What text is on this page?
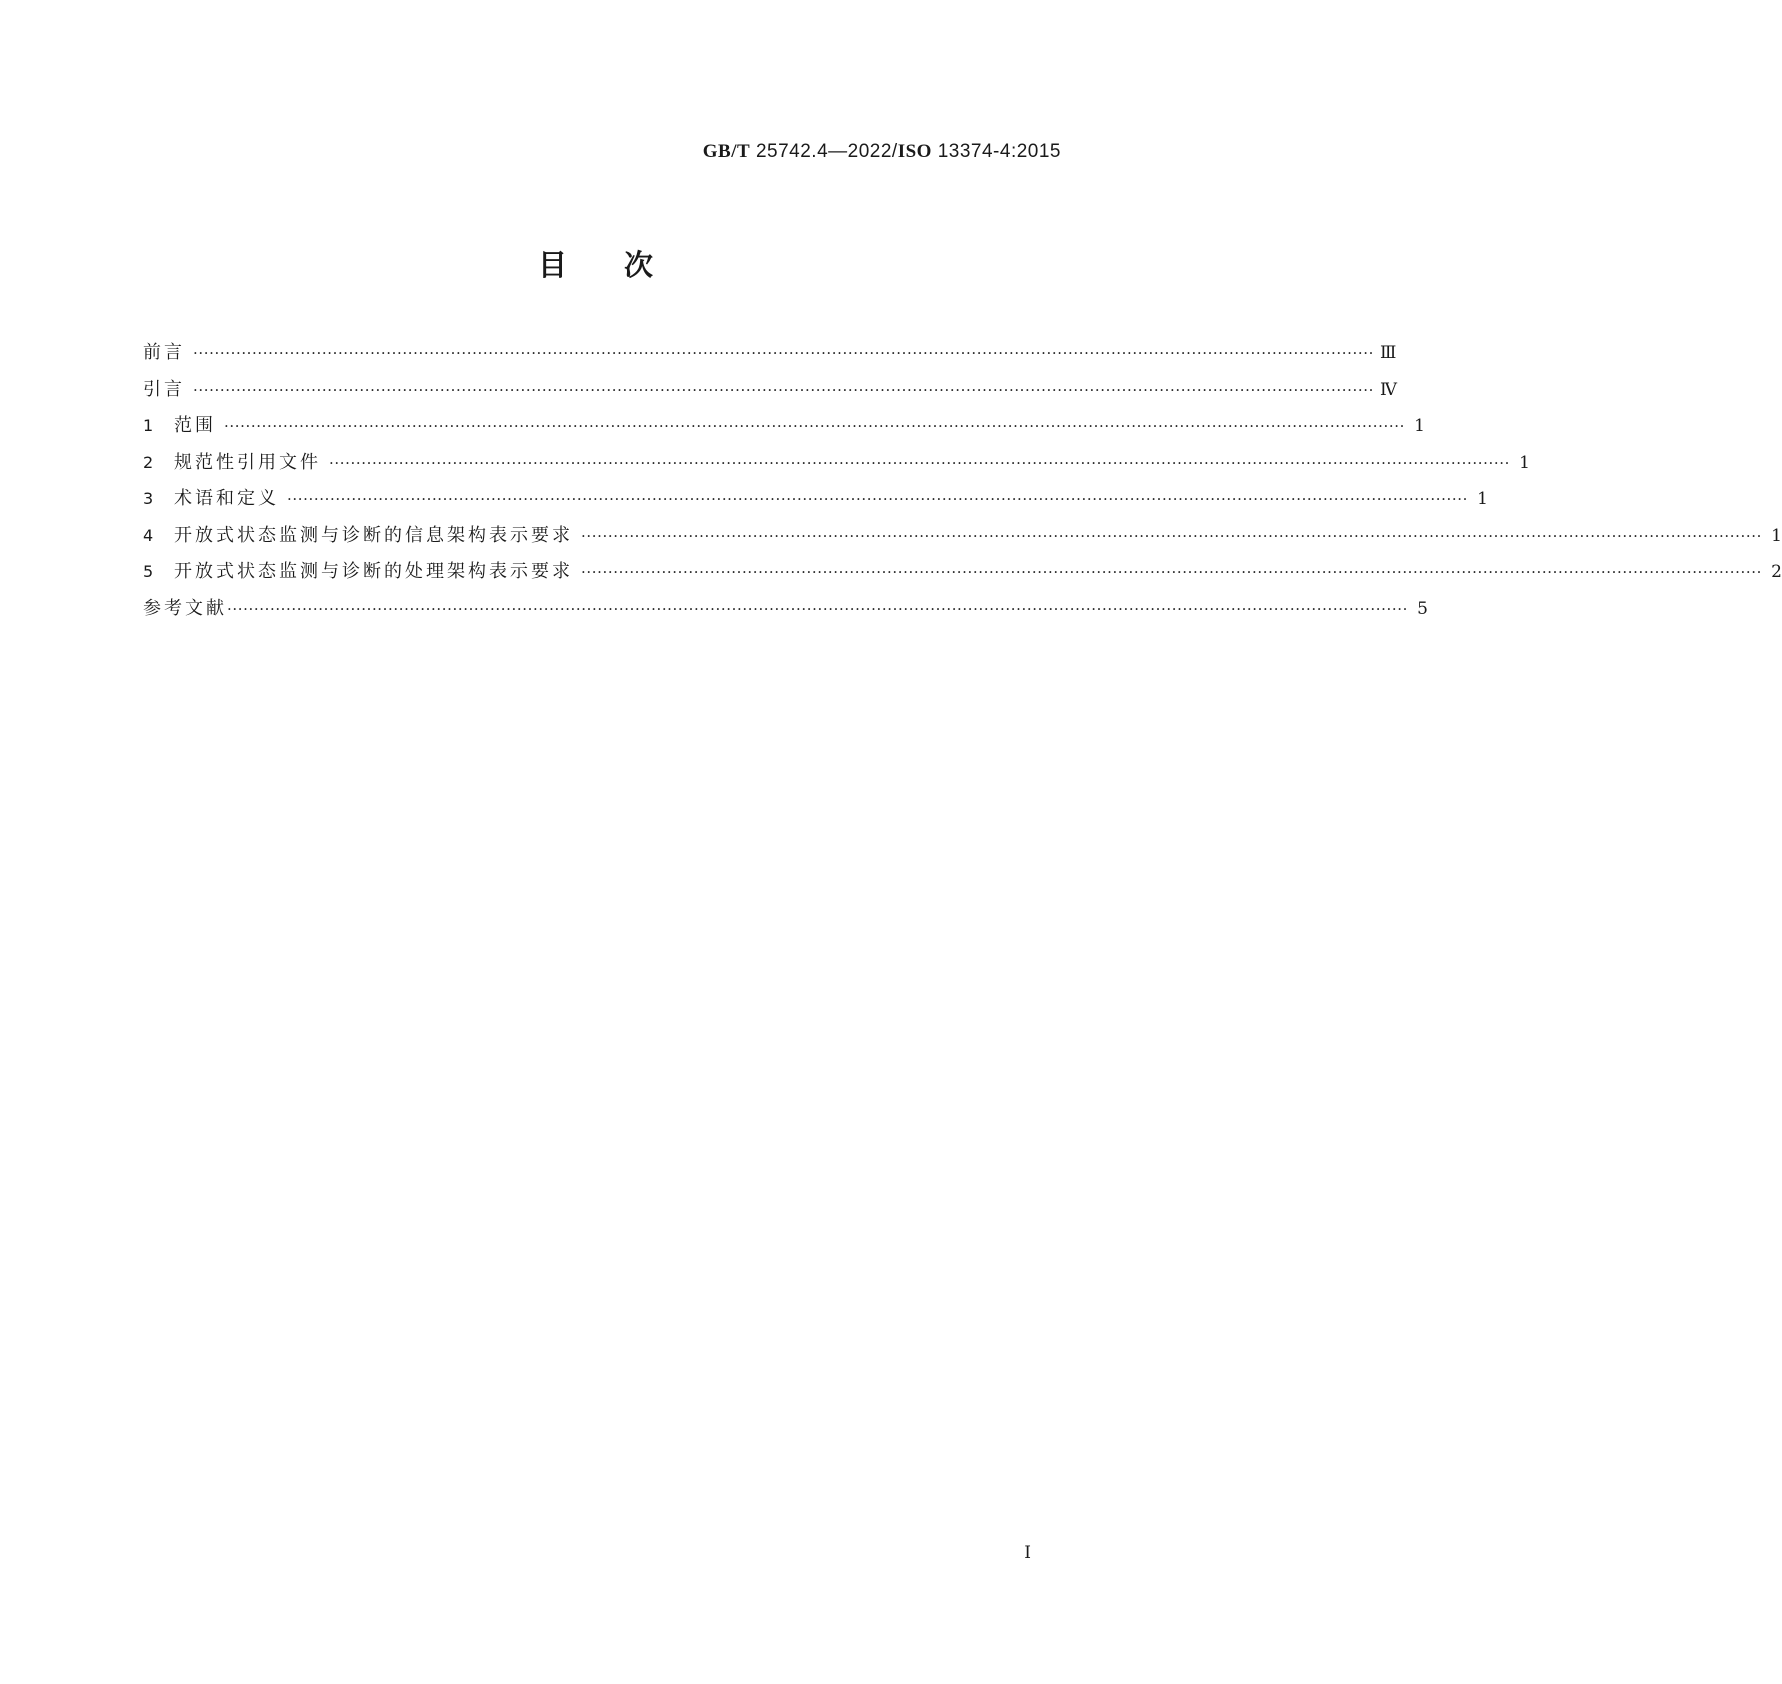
GB/T 25742.4—2022/ISO 13374-4:2015
目次
前言 ···························································································································································································································· Ⅲ
引言 ···························································································································································································································· Ⅳ
1 范围 ···························································································································································································································· 1
2 规范性引用文件 ···························································································································································································································· 1
3 术语和定义 ···························································································································································································································· 1
4 开放式状态监测与诊断的信息架构表示要求 ···························································································································································································································· 1
5 开放式状态监测与诊断的处理架构表示要求 ···························································································································································································································· 2
参考文献 ···························································································································································································································· 5
Ⅰ
